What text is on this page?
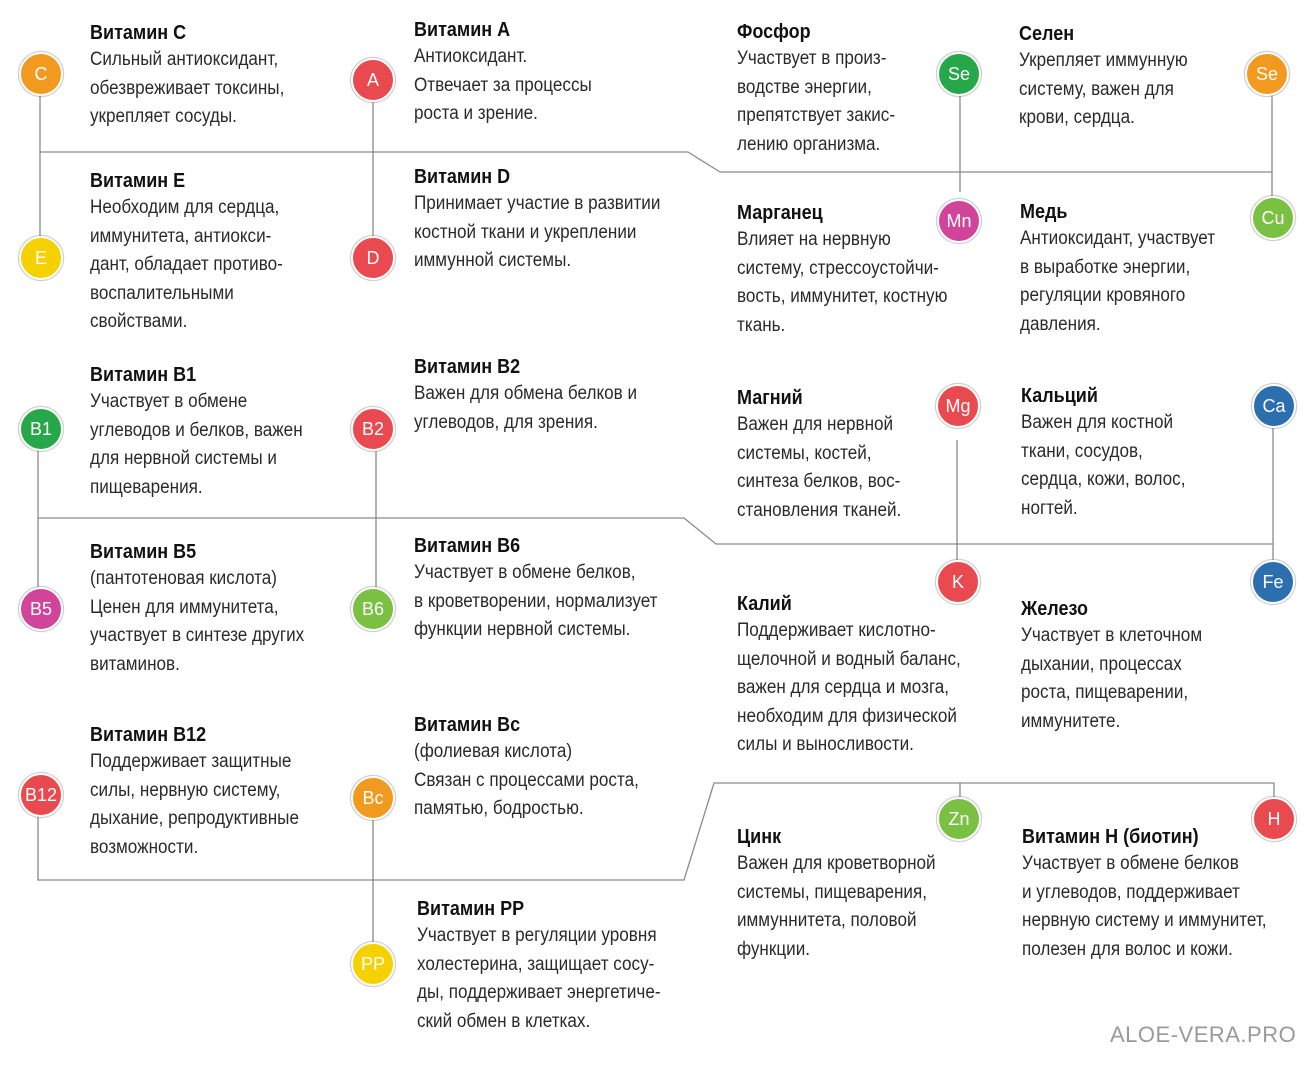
Витамин С
Сильный антиоксидант,
обезвреживает токсины,
укрепляет сосуды.
Витамин А
Антиоксидант.
Отвечает за процессы
роста и зрение.
Фосфор
Участвует в произ-
водстве энергии,
препятствует закис-
лению организма.
Селен
Укрепляет иммунную
систему, важен для
крови, сердца.
Витамин Е
Необходим для сердца,
иммунитета, антиокси-
дант, обладает противо-
воспалительными
свойствами.
Витамин D
Принимает участие в развитии
костной ткани и укреплении
иммунной системы.
Марганец
Влияет на нервную
систему, стрессоустойчи-
вость, иммунитет, костную
ткань.
Медь
Антиоксидант, участвует
в выработке энергии,
регуляции кровяного
давления.
Витамин В1
Участвует в обмене
углеводов и белков, важен
для нервной системы и
пищеварения.
Витамин В2
Важен для обмена белков и
углеводов, для зрения.
Магний
Важен для нервной
системы, костей,
синтеза белков, вос-
становления тканей.
Кальций
Важен для костной
ткани, сосудов,
сердца, кожи, волос,
ногтей.
Витамин В5
(пантотеновая кислота)
Ценен для иммунитета,
участвует в синтезе других
витаминов.
Витамин В6
Участвует в обмене белков,
в кроветворении, нормализует
функции нервной системы.
Калий
Поддерживает кислотно-
щелочной и водный баланс,
важен для сердца и мозга,
необходим для физической
силы и выносливости.
Железо
Участвует в клеточном
дыхании, процессах
роста, пищеварении,
иммунитете.
Витамин В12
Поддерживает защитные
силы, нервную систему,
дыхание, репродуктивные
возможности.
Витамин Вс
(фолиевая кислота)
Связан с процессами роста,
памятью, бодростью.
Цинк
Важен для кроветворной
системы, пищеварения,
иммуннитета, половой
функции.
Витамин Н (биотин)
Участвует в обмене белков
и углеводов, поддерживает
нервную систему и иммунитет,
полезен для волос и кожи.
Витамин РР
Участвует в регуляции уровня
холестерина, защищает сосу-
ды, поддерживает энергетиче-
ский обмен в клетках.
C	A	Se	Se
E	D
Mn	Cu
B1	B2
Mg	Ca
B5	B6
K	Fe
B12	Bc
Zn	H
PP
ALOE-VERA.PRO
